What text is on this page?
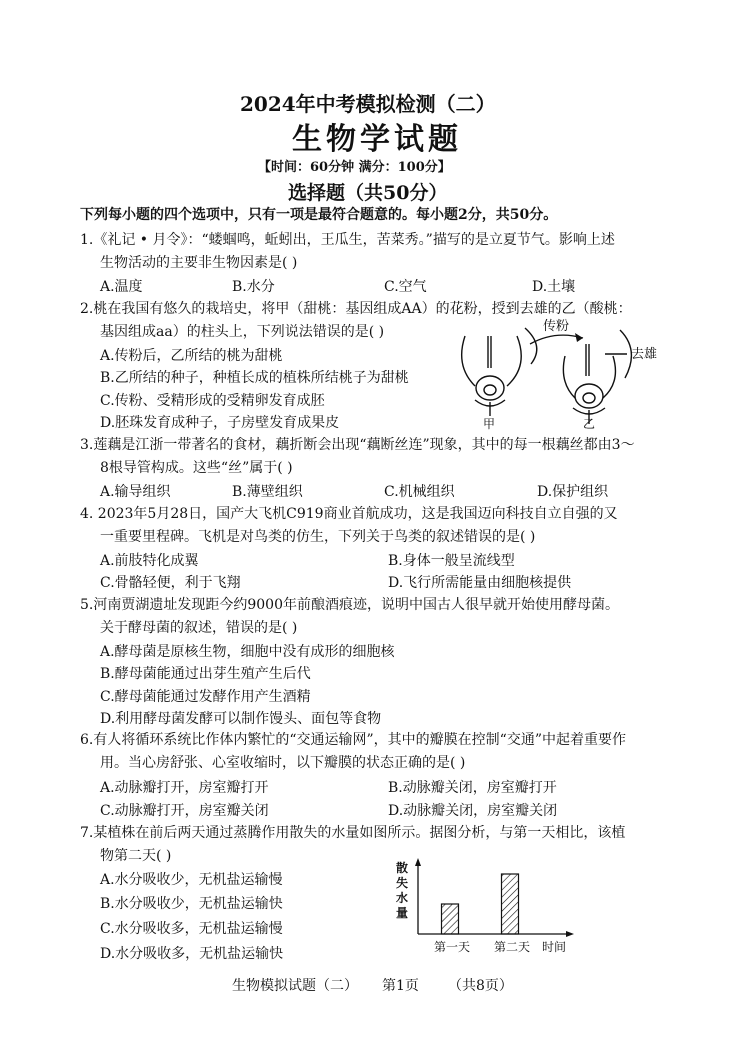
2024年中考模拟检测（二）
生物学试题
【时间：60分钟 满分：100分】
选择题（共50分）
下列每小题的四个选项中，只有一项是最符合题意的。每小题2分，共50分。
1.《礼记 • 月令》：“蝼蝈鸣，蚯蚓出，王瓜生，苦菜秀。”描写的是立夏节气。影响上述
生物活动的主要非生物因素是( )
A.温度	B.水分	C.空气	D.土壤
2.桃在我国有悠久的栽培史，将甲（甜桃：基因组成AA）的花粉，授到去雄的乙（酸桃：
基因组成aa）的柱头上，下列说法错误的是( )
A.传粉后，乙所结的桃为甜桃
B.乙所结的种子，种植长成的植株所结桃子为甜桃
C.传粉、受精形成的受精卵发育成胚
D.胚珠发育成种子，子房壁发育成果皮
传粉
去雄
甲	乙
3.莲藕是江浙一带著名的食材，藕折断会出现“藕断丝连”现象，其中的每一根藕丝都由3～
8根导管构成。这些“丝”属于( )
A.输导组织	B.薄壁组织	C.机械组织	D.保护组织
4. 2023年5月28日，国产大飞机C919商业首航成功，这是我国迈向科技自立自强的又
一重要里程碑。飞机是对鸟类的仿生，下列关于鸟类的叙述错误的是( )
A.前肢特化成翼	B.身体一般呈流线型
C.骨骼轻便，利于飞翔	D.飞行所需能量由细胞核提供
5.河南贾湖遗址发现距今约9000年前酿酒痕迹，说明中国古人很早就开始使用酵母菌。
关于酵母菌的叙述，错误的是( )
A.酵母菌是原核生物，细胞中没有成形的细胞核
B.酵母菌能通过出芽生殖产生后代
C.酵母菌能通过发酵作用产生酒精
D.利用酵母菌发酵可以制作馒头、面包等食物
6.有人将循环系统比作体内繁忙的“交通运输网”，其中的瓣膜在控制“交通”中起着重要作
用。当心房舒张、心室收缩时，以下瓣膜的状态正确的是( )
A.动脉瓣打开，房室瓣打开	B.动脉瓣关闭，房室瓣打开
C.动脉瓣打开，房室瓣关闭	D.动脉瓣关闭，房室瓣关闭
7.某植株在前后两天通过蒸腾作用散失的水量如图所示。据图分析，与第一天相比，该植
物第二天( )
A.水分吸收少，无机盐运输慢
B.水分吸收少，无机盐运输快
C.水分吸收多，无机盐运输慢
D.水分吸收多，无机盐运输快
散
失
水
量
第一天 第二天 时间
生物模拟试题（二） 第1页 （共8页）
